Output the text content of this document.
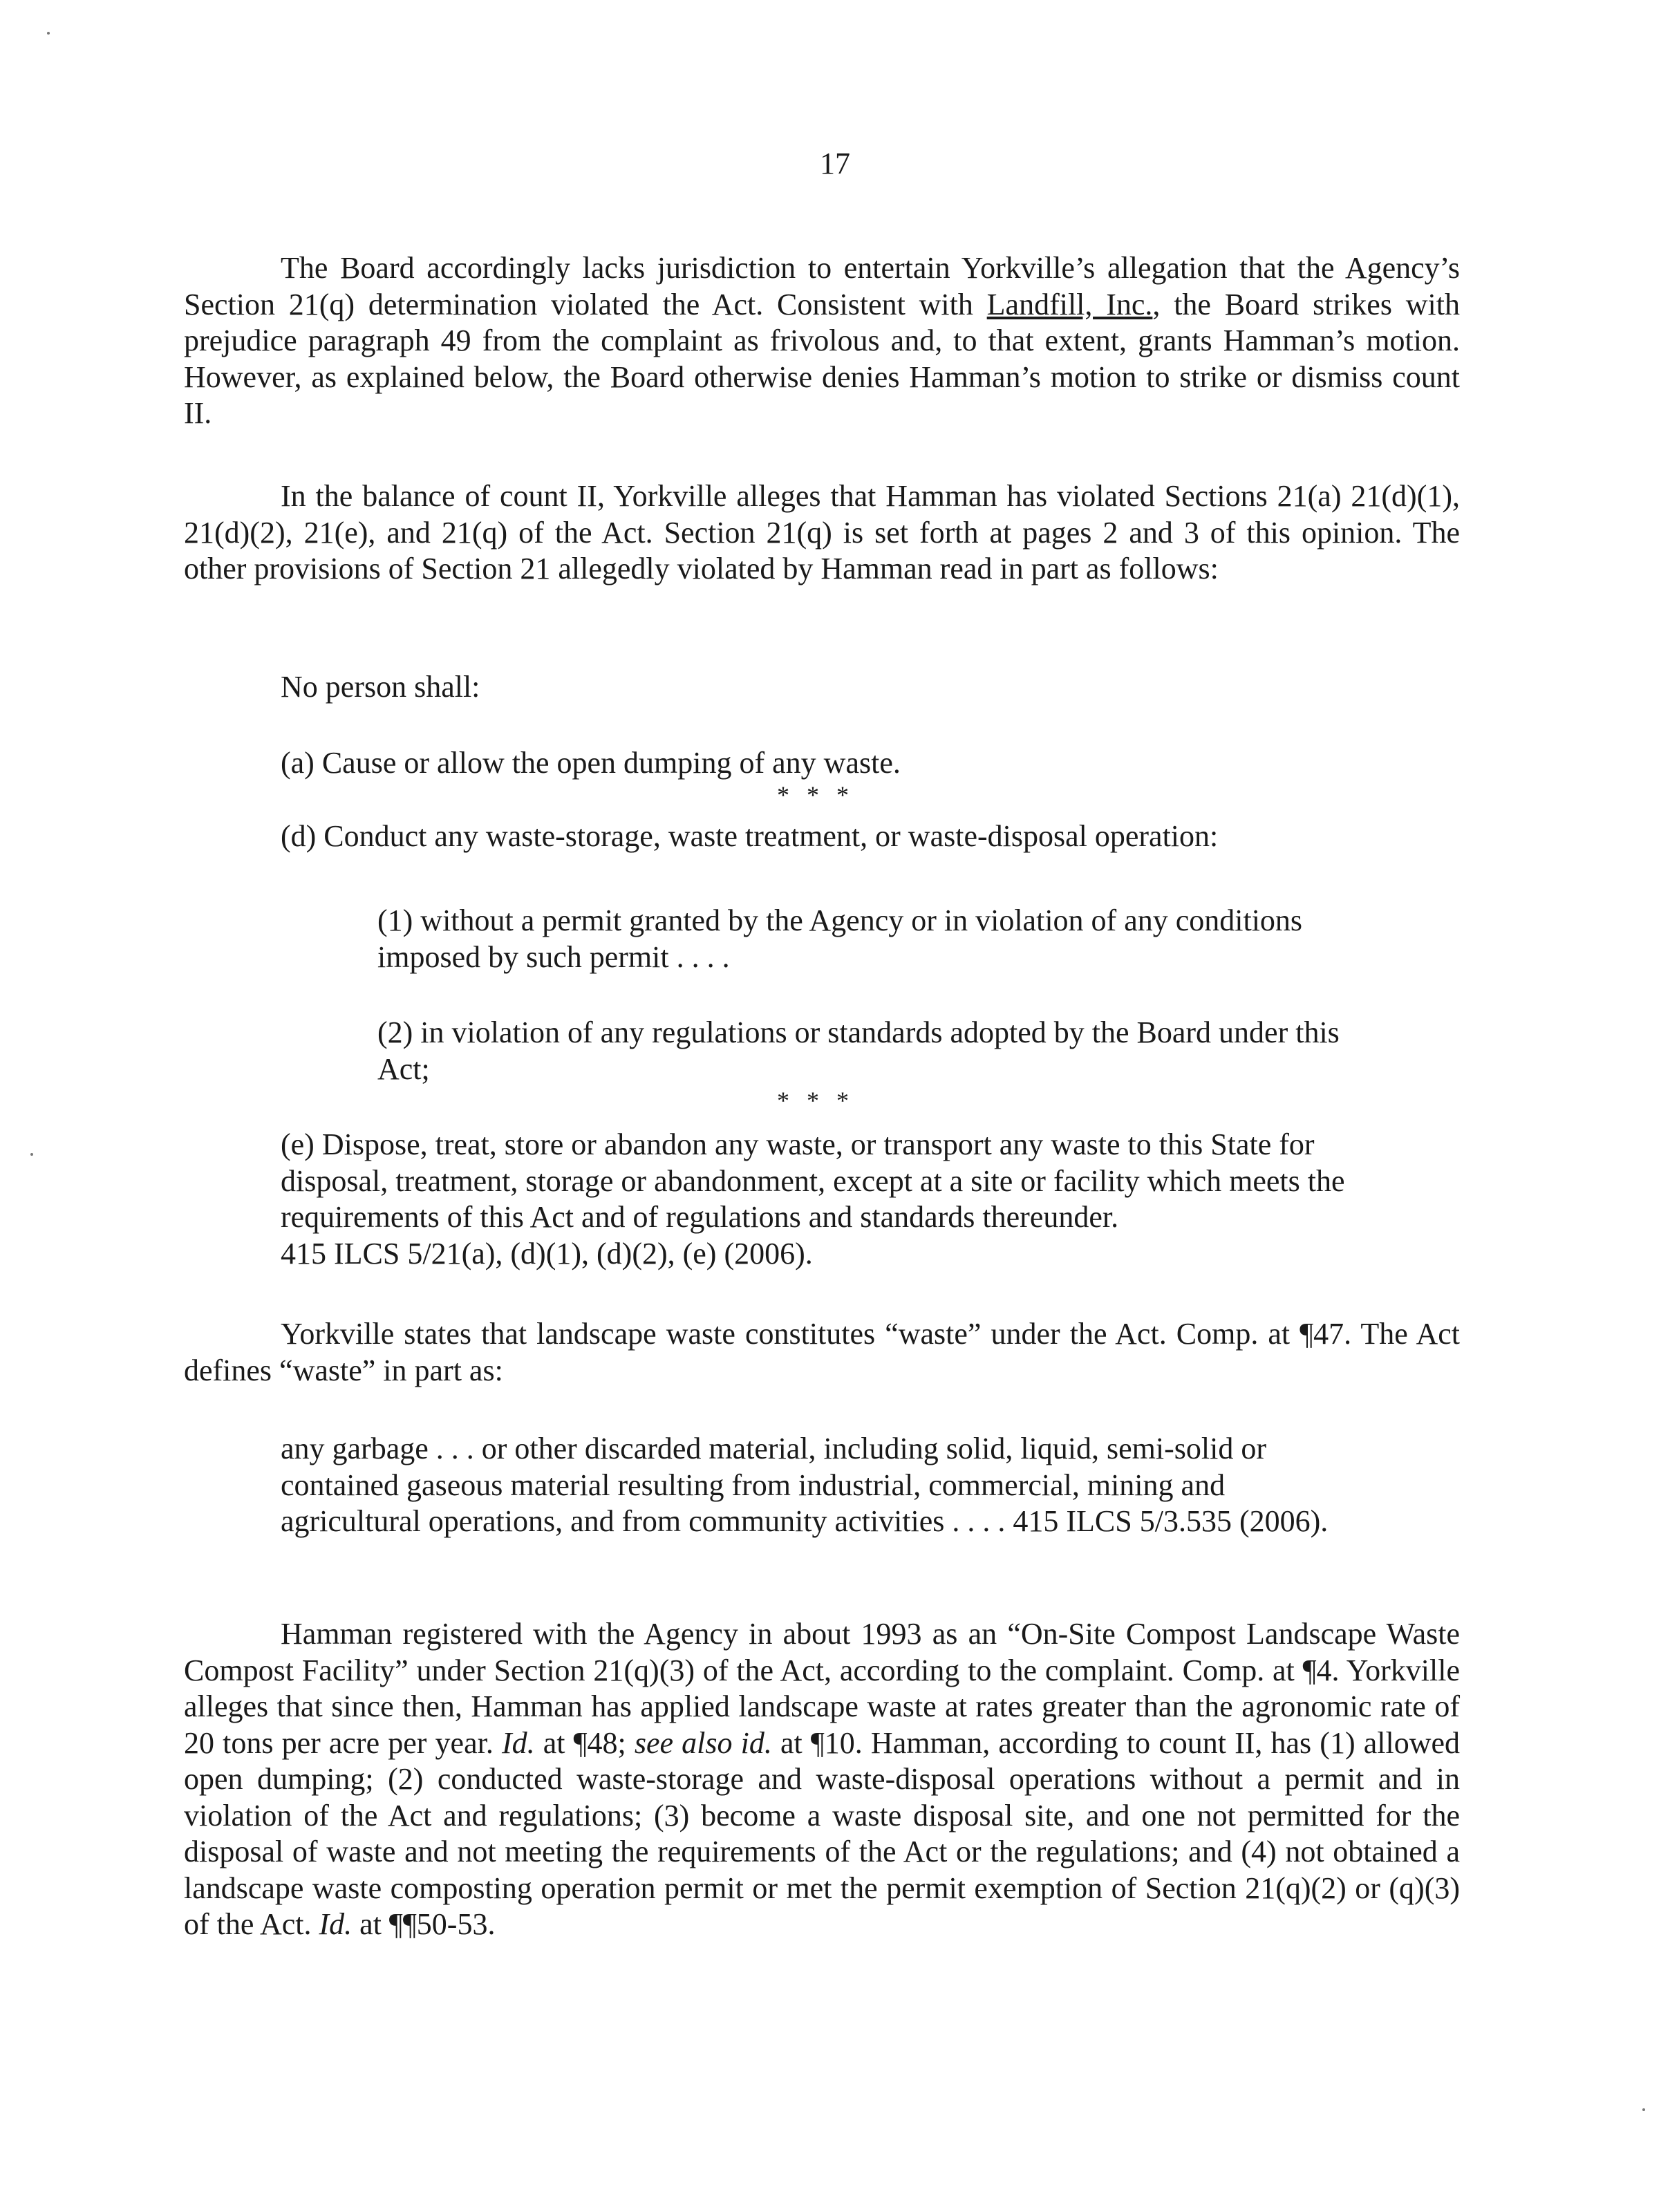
17

The Board accordingly lacks jurisdiction to entertain Yorkville’s allegation that the Agency’s Section 21(q) determination violated the Act. Consistent with Landfill, Inc., the Board strikes with prejudice paragraph 49 from the complaint as frivolous and, to that extent, grants Hamman’s motion. However, as explained below, the Board otherwise denies Hamman’s motion to strike or dismiss count II.

In the balance of count II, Yorkville alleges that Hamman has violated Sections 21(a) 21(d)(1), 21(d)(2), 21(e), and 21(q) of the Act. Section 21(q) is set forth at pages 2 and 3 of this opinion. The other provisions of Section 21 allegedly violated by Hamman read in part as follows:

No person shall:

(a) Cause or allow the open dumping of any waste.

* * *

(d) Conduct any waste-storage, waste treatment, or waste-disposal operation:

(1) without a permit granted by the Agency or in violation of any conditions imposed by such permit . . . .

(2) in violation of any regulations or standards adopted by the Board under this Act;

* * *

(e) Dispose, treat, store or abandon any waste, or transport any waste to this State for disposal, treatment, storage or abandonment, except at a site or facility which meets the requirements of this Act and of regulations and standards thereunder.

415 ILCS 5/21(a), (d)(1), (d)(2), (e) (2006).

Yorkville states that landscape waste constitutes “waste” under the Act. Comp. at ¶47. The Act defines “waste” in part as:

any garbage . . . or other discarded material, including solid, liquid, semi-solid or contained gaseous material resulting from industrial, commercial, mining and agricultural operations, and from community activities . . . . 415 ILCS 5/3.535 (2006).

Hamman registered with the Agency in about 1993 as an “On-Site Compost Landscape Waste Compost Facility” under Section 21(q)(3) of the Act, according to the complaint. Comp. at ¶4. Yorkville alleges that since then, Hamman has applied landscape waste at rates greater than the agronomic rate of 20 tons per acre per year. Id. at ¶48; see also id. at ¶10. Hamman, according to count II, has (1) allowed open dumping; (2) conducted waste-storage and waste-disposal operations without a permit and in violation of the Act and regulations; (3) become a waste disposal site, and one not permitted for the disposal of waste and not meeting the requirements of the Act or the regulations; and (4) not obtained a landscape waste composting operation permit or met the permit exemption of Section 21(q)(2) or (q)(3) of the Act. Id. at ¶¶50-53.
